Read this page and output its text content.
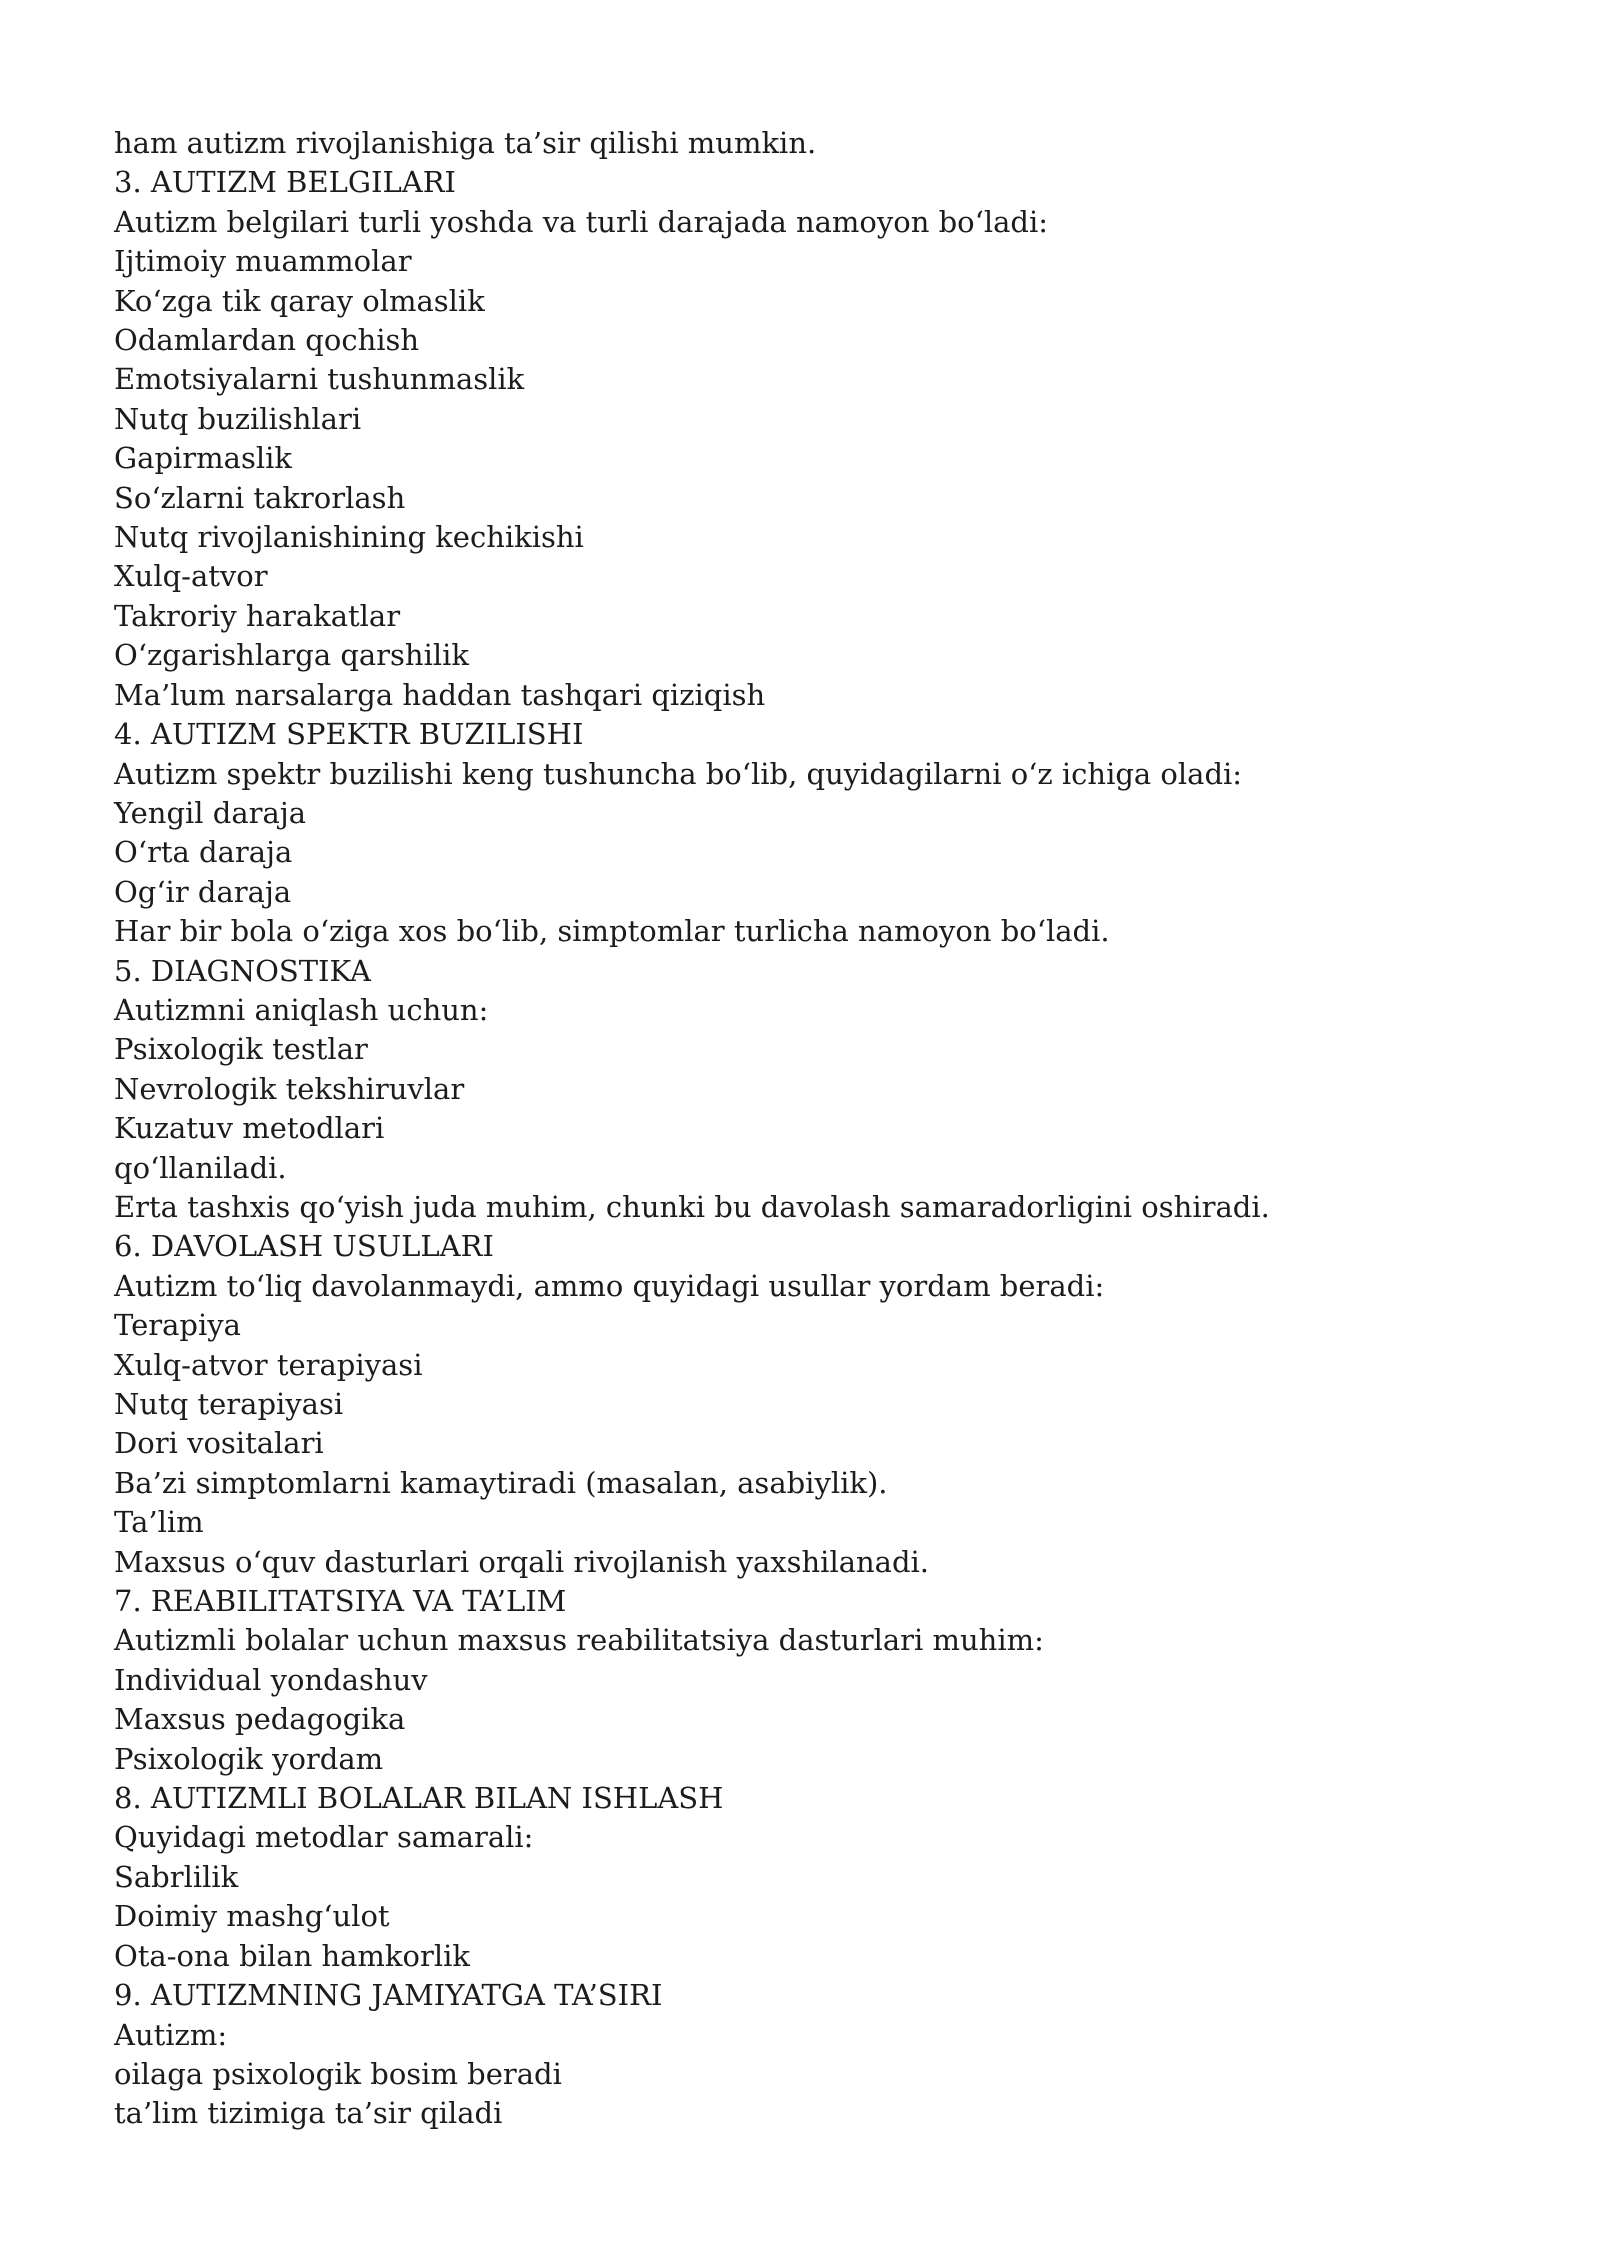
ham autizm rivojlanishiga ta’sir qilishi mumkin.
3. AUTIZM BELGILARI
Autizm belgilari turli yoshda va turli darajada namoyon bo‘ladi:
Ijtimoiy muammolar
Ko‘zga tik qaray olmaslik
Odamlardan qochish
Emotsiyalarni tushunmaslik
Nutq buzilishlari
Gapirmaslik
So‘zlarni takrorlash
Nutq rivojlanishining kechikishi
Xulq-atvor
Takroriy harakatlar
O‘zgarishlarga qarshilik
Ma’lum narsalarga haddan tashqari qiziqish
4. AUTIZM SPEKTR BUZILISHI
Autizm spektr buzilishi keng tushuncha bo‘lib, quyidagilarni o‘z ichiga oladi:
Yengil daraja
O‘rta daraja
Og‘ir daraja
Har bir bola o‘ziga xos bo‘lib, simptomlar turlicha namoyon bo‘ladi.
5. DIAGNOSTIKA
Autizmni aniqlash uchun:
Psixologik testlar
Nevrologik tekshiruvlar
Kuzatuv metodlari
qo‘llaniladi.
Erta tashxis qo‘yish juda muhim, chunki bu davolash samaradorligini oshiradi.
6. DAVOLASH USULLARI
Autizm to‘liq davolanmaydi, ammo quyidagi usullar yordam beradi:
Terapiya
Xulq-atvor terapiyasi
Nutq terapiyasi
Dori vositalari
Ba’zi simptomlarni kamaytiradi (masalan, asabiylik).
Ta’lim
Maxsus o‘quv dasturlari orqali rivojlanish yaxshilanadi.
7. REABILITATSIYA VA TA’LIM
Autizmli bolalar uchun maxsus reabilitatsiya dasturlari muhim:
Individual yondashuv
Maxsus pedagogika
Psixologik yordam
8. AUTIZMLI BOLALAR BILAN ISHLASH
Quyidagi metodlar samarali:
Sabrlilik
Doimiy mashg‘ulot
Ota-ona bilan hamkorlik
9. AUTIZMNING JAMIYATGA TA’SIRI
Autizm:
oilaga psixologik bosim beradi
ta’lim tizimiga ta’sir qiladi
